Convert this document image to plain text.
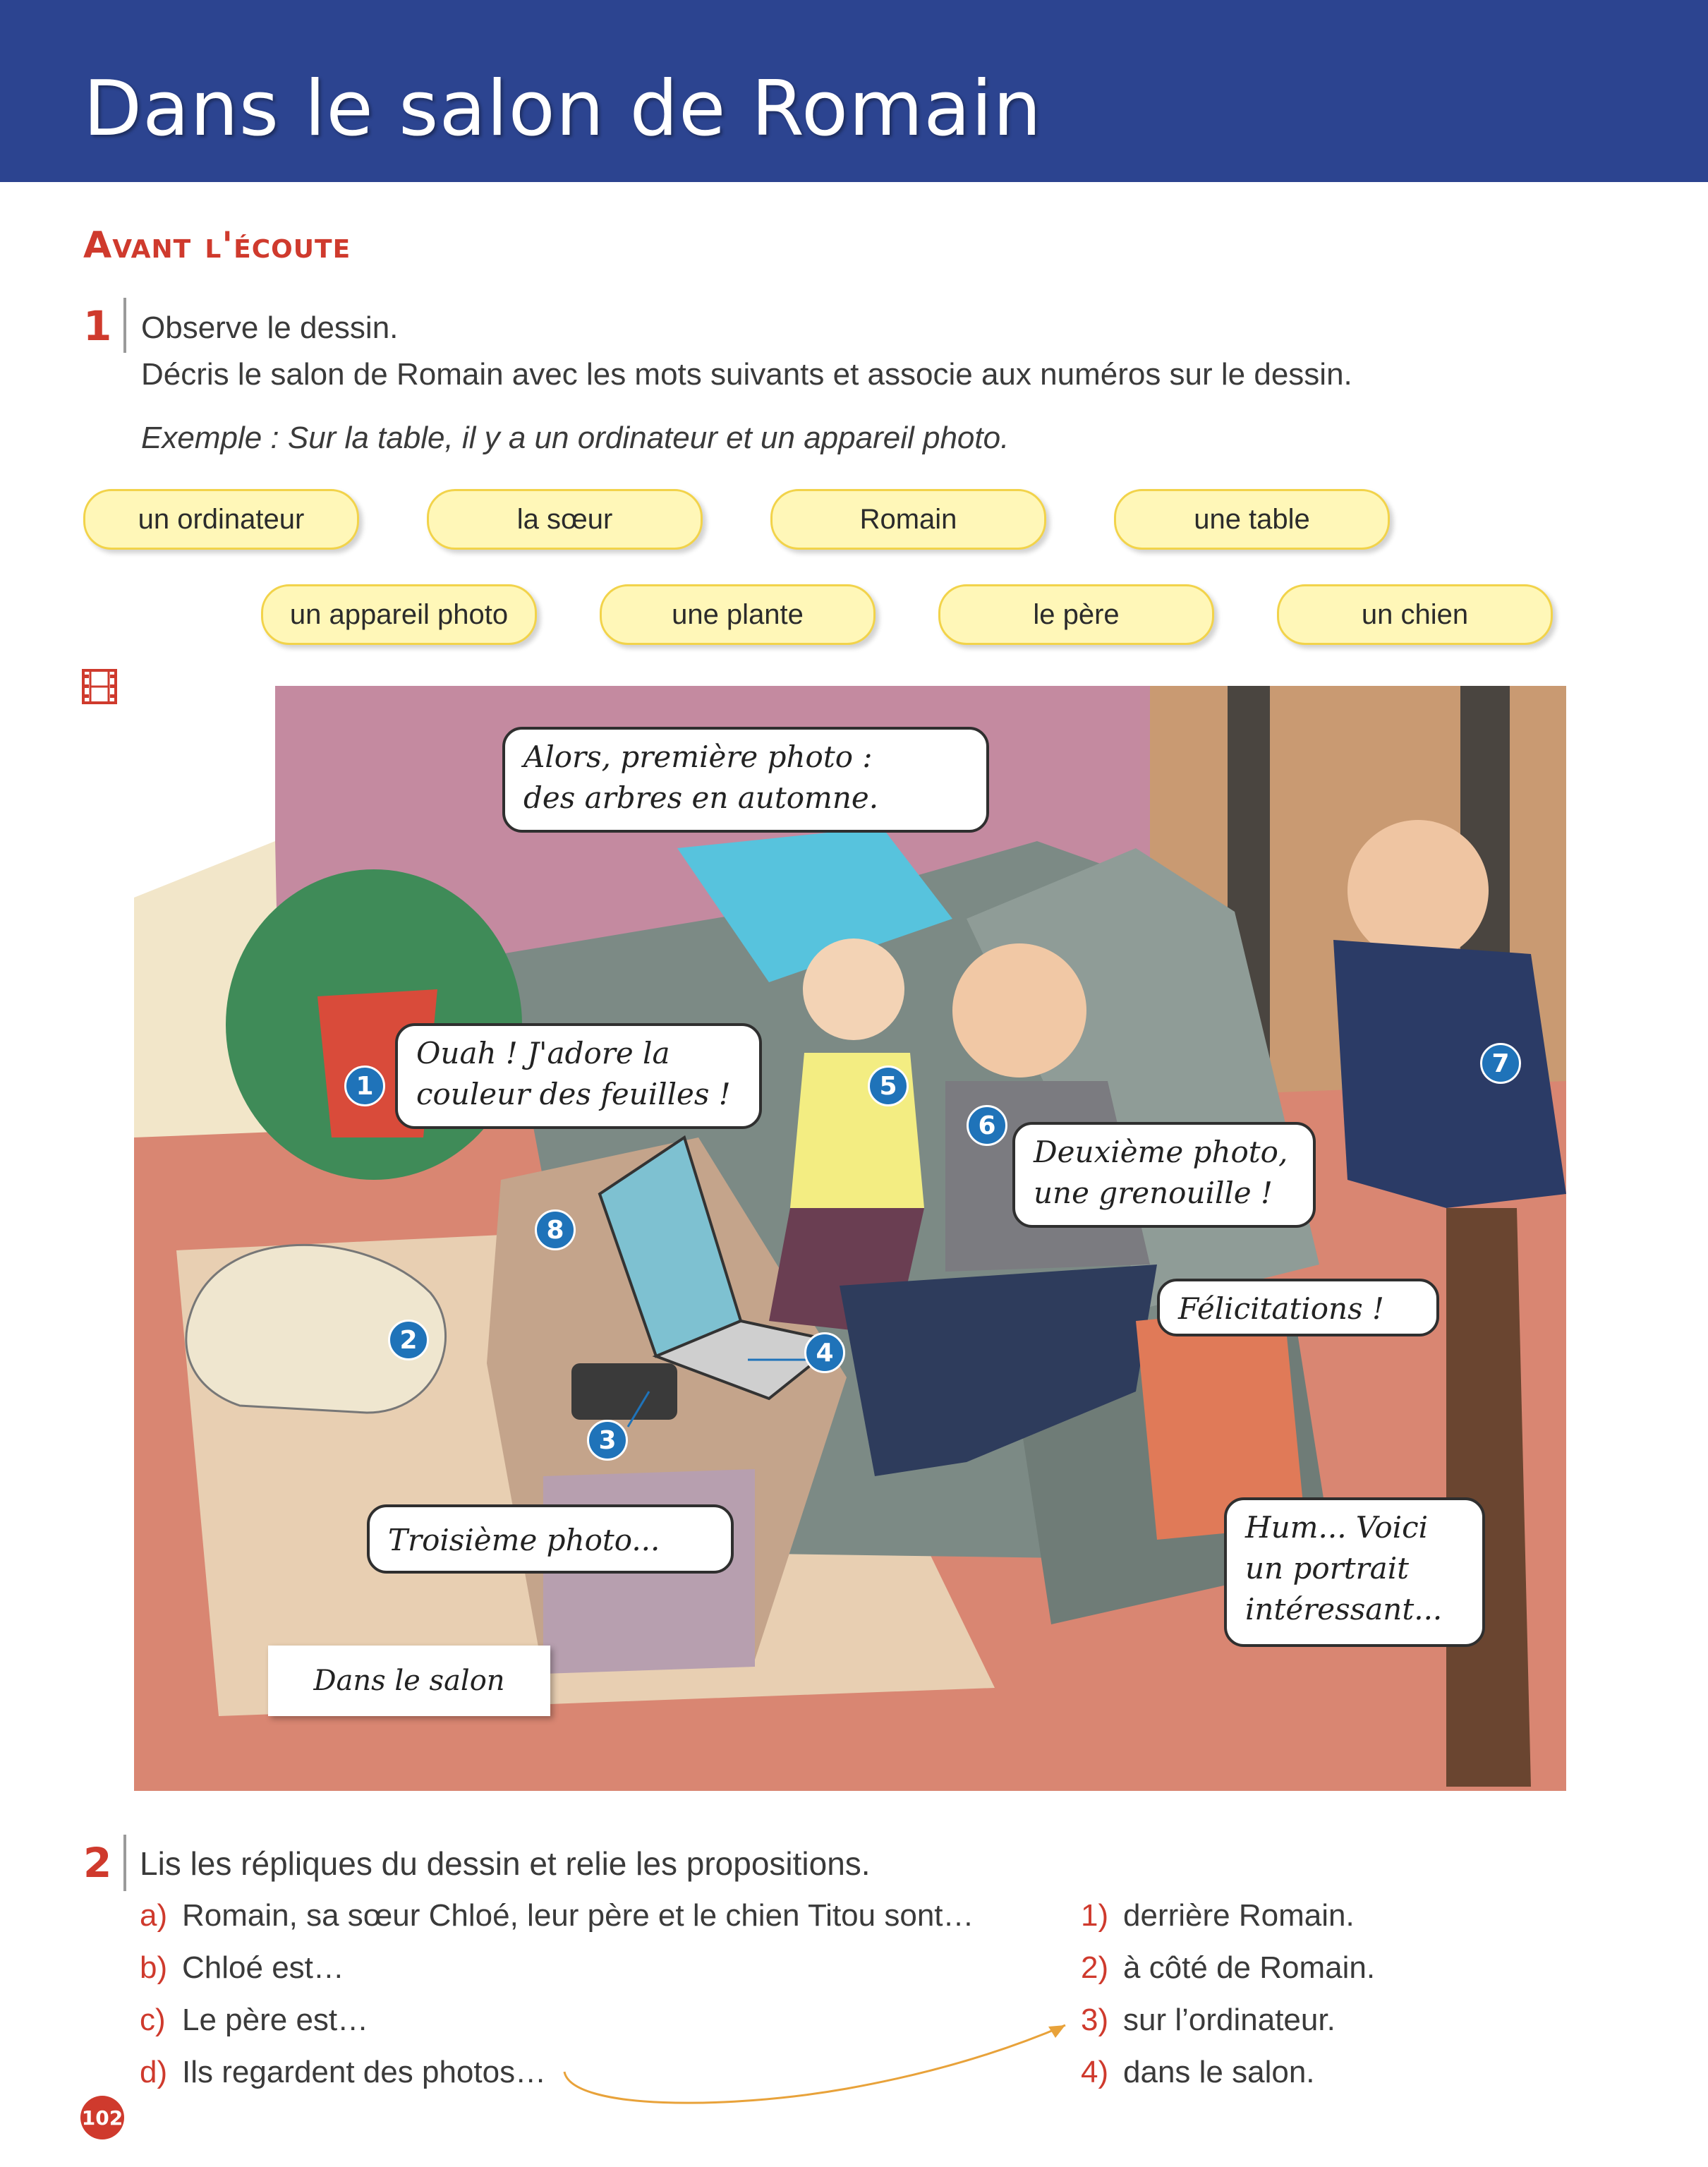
Dans le salon de Romain
Avant l'écoute
1 Observe le dessin.
Décris le salon de Romain avec les mots suivants et associe aux numéros sur le dessin.
Exemple : Sur la table, il y a un ordinateur et un appareil photo.
un ordinateur	la sœur	Romain	une table
un appareil photo	une plante	le père	un chien
Alors, première photo :
des arbres en automne.
Ouah ! J'adore la
couleur des feuilles !
Deuxième photo,
une grenouille !
Félicitations !
Troisième photo...	Hum... Voici
un portrait
intéressant...
1
2
3
4
5
6
7
8
Dans le salon
2 Lis les répliques du dessin et relie les propositions.
a) Romain, sa sœur Chloé, leur père et le chien Titou sont…
b) Chloé est…
c) Le père est…
d) Ils regardent des photos…
1) derrière Romain.
2) à côté de Romain.
3) sur l’ordinateur.
4) dans le salon.
102
